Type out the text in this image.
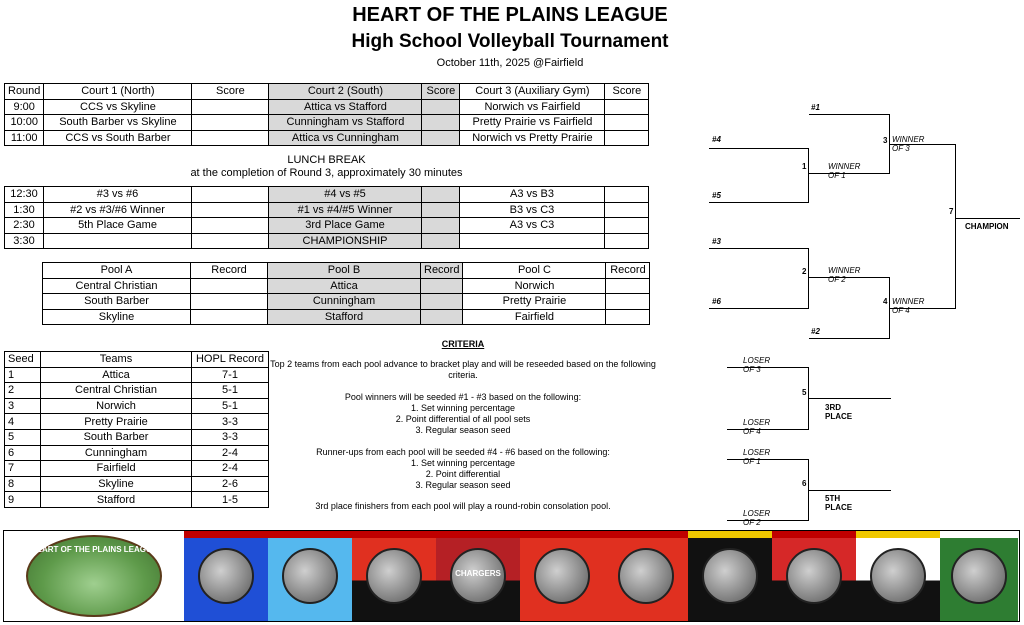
HEART OF THE PLAINS LEAGUE
High School Volleyball Tournament
October 11th, 2025 @Fairfield
Round	Court 1 (North)	Score	Court 2 (South)	Score	Court 3 (Auxiliary Gym)	Score
9:00	CCS vs Skyline		Attica vs Stafford		Norwich vs Fairfield	
10:00	South Barber vs Skyline		Cunningham vs Stafford		Pretty Prairie vs Fairfield	
11:00	CCS vs South Barber		Attica vs Cunningham		Norwich vs Pretty Prairie	
LUNCH BREAK
at the completion of Round 3, approximately 30 minutes
12:30	#3 vs #6		#4 vs #5		A3 vs B3	
1:30	#2 vs #3/#6 Winner		#1 vs #4/#5 Winner		B3 vs C3	
2:30	5th Place Game		3rd Place Game		A3 vs C3	
3:30			CHAMPIONSHIP			
Pool A	Record	Pool B	Record	Pool C	Record
Central Christian		Attica		Norwich	
South Barber		Cunningham		Pretty Prairie	
Skyline		Stafford		Fairfield	
Seed	Teams	HOPL Record
1	Attica	7-1
2	Central Christian	5-1
3	Norwich	5-1
4	Pretty Prairie	3-3
5	South Barber	3-3
6	Cunningham	2-4
7	Fairfield	2-4
8	Skyline	2-6
9	Stafford	1-5
CRITERIA
Top 2 teams from each pool advance to bracket play and will be reseeded based on the following criteria.
Pool winners will be seeded #1 - #3 based on the following:
1. Set winning percentage
2. Point differential of all pool sets
3. Regular season seed
Runner-ups from each pool will be seeded #4 - #6 based on the following:
1. Set winning percentage
2. Point differential
3. Regular season seed
3rd place finishers from each pool will play a round-robin consolation pool.
#1
#4
#5
#3
#6
#2
1
3
2
4
7
5
6
WINNER OF 1
WINNER OF 3
WINNER OF 2
WINNER OF 4
CHAMPION
LOSER OF 3
LOSER OF 4
3RD PLACE
LOSER OF 1
LOSER OF 2
5TH PLACE
HEART OF THE PLAINS LEAGUE
CHARGERS
